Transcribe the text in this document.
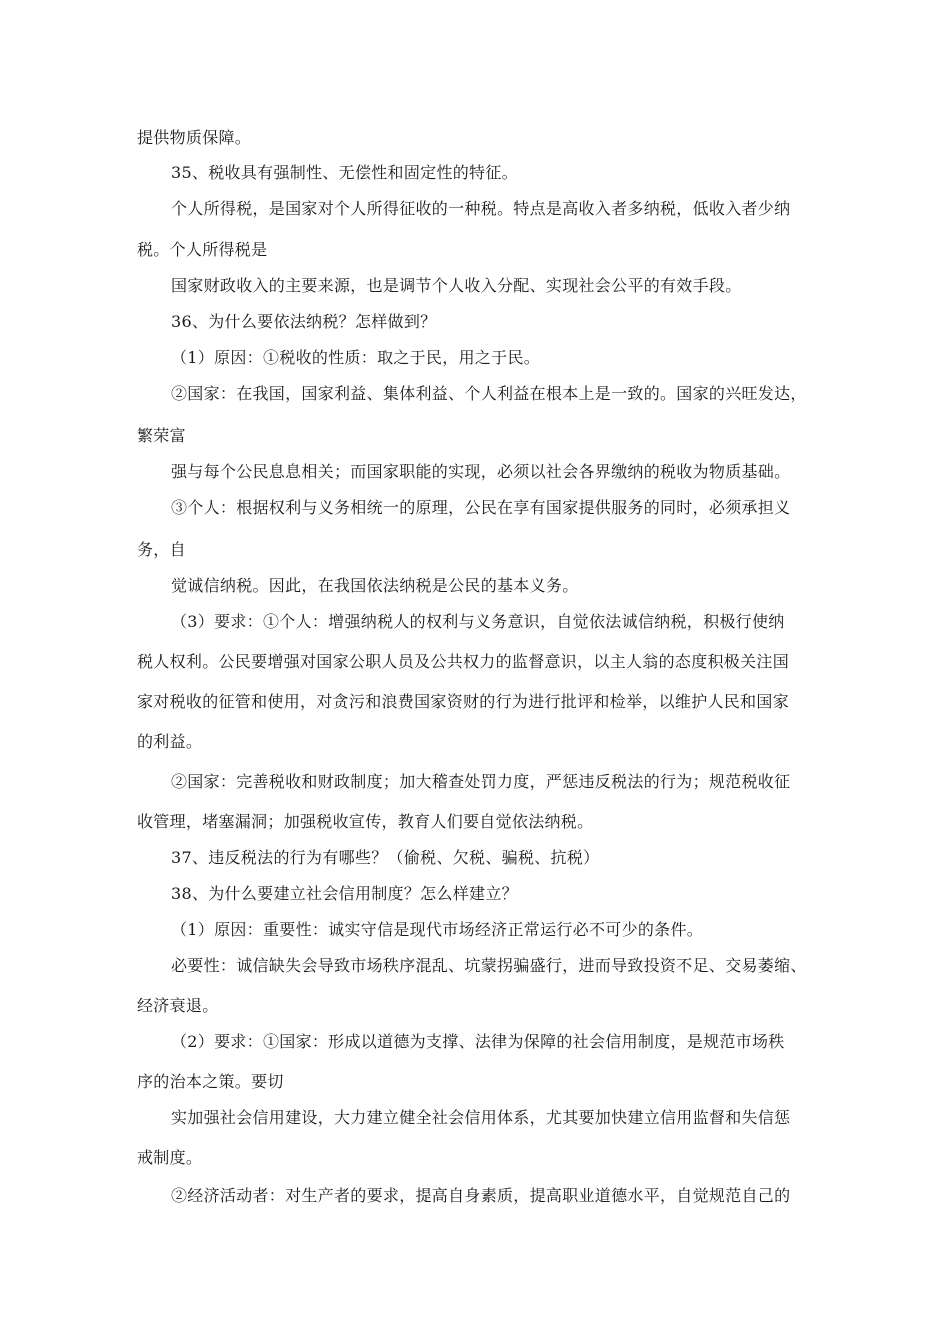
提供物质保障。
35、税收具有强制性、无偿性和固定性的特征。
个人所得税，是国家对个人所得征收的一种税。特点是高收入者多纳税，低收入者少纳
税。个人所得税是
国家财政收入的主要来源，也是调节个人收入分配、实现社会公平的有效手段。
36、为什么要依法纳税？怎样做到？
（1）原因：①税收的性质：取之于民，用之于民。
②国家：在我国，国家利益、集体利益、个人利益在根本上是一致的。国家的兴旺发达，
繁荣富
强与每个公民息息相关；而国家职能的实现，必须以社会各界缴纳的税收为物质基础。
③个人：根据权利与义务相统一的原理，公民在享有国家提供服务的同时，必须承担义
务，自
觉诚信纳税。因此，在我国依法纳税是公民的基本义务。
（3）要求：①个人：增强纳税人的权利与义务意识，自觉依法诚信纳税，积极行使纳
税人权利。公民要增强对国家公职人员及公共权力的监督意识，以主人翁的态度积极关注国
家对税收的征管和使用，对贪污和浪费国家资财的行为进行批评和检举，以维护人民和国家
的利益。
②国家：完善税收和财政制度；加大稽查处罚力度，严惩违反税法的行为；规范税收征
收管理，堵塞漏洞；加强税收宣传，教育人们要自觉依法纳税。
37、违反税法的行为有哪些？（偷税、欠税、骗税、抗税）
38、为什么要建立社会信用制度？怎么样建立？
（1）原因：重要性：诚实守信是现代市场经济正常运行必不可少的条件。
必要性：诚信缺失会导致市场秩序混乱、坑蒙拐骗盛行，进而导致投资不足、交易萎缩、
经济衰退。
（2）要求：①国家：形成以道德为支撑、法律为保障的社会信用制度，是规范市场秩
序的治本之策。要切
实加强社会信用建设，大力建立健全社会信用体系，尤其要加快建立信用监督和失信惩
戒制度。
②经济活动者：对生产者的要求，提高自身素质，提高职业道德水平，自觉规范自己的
